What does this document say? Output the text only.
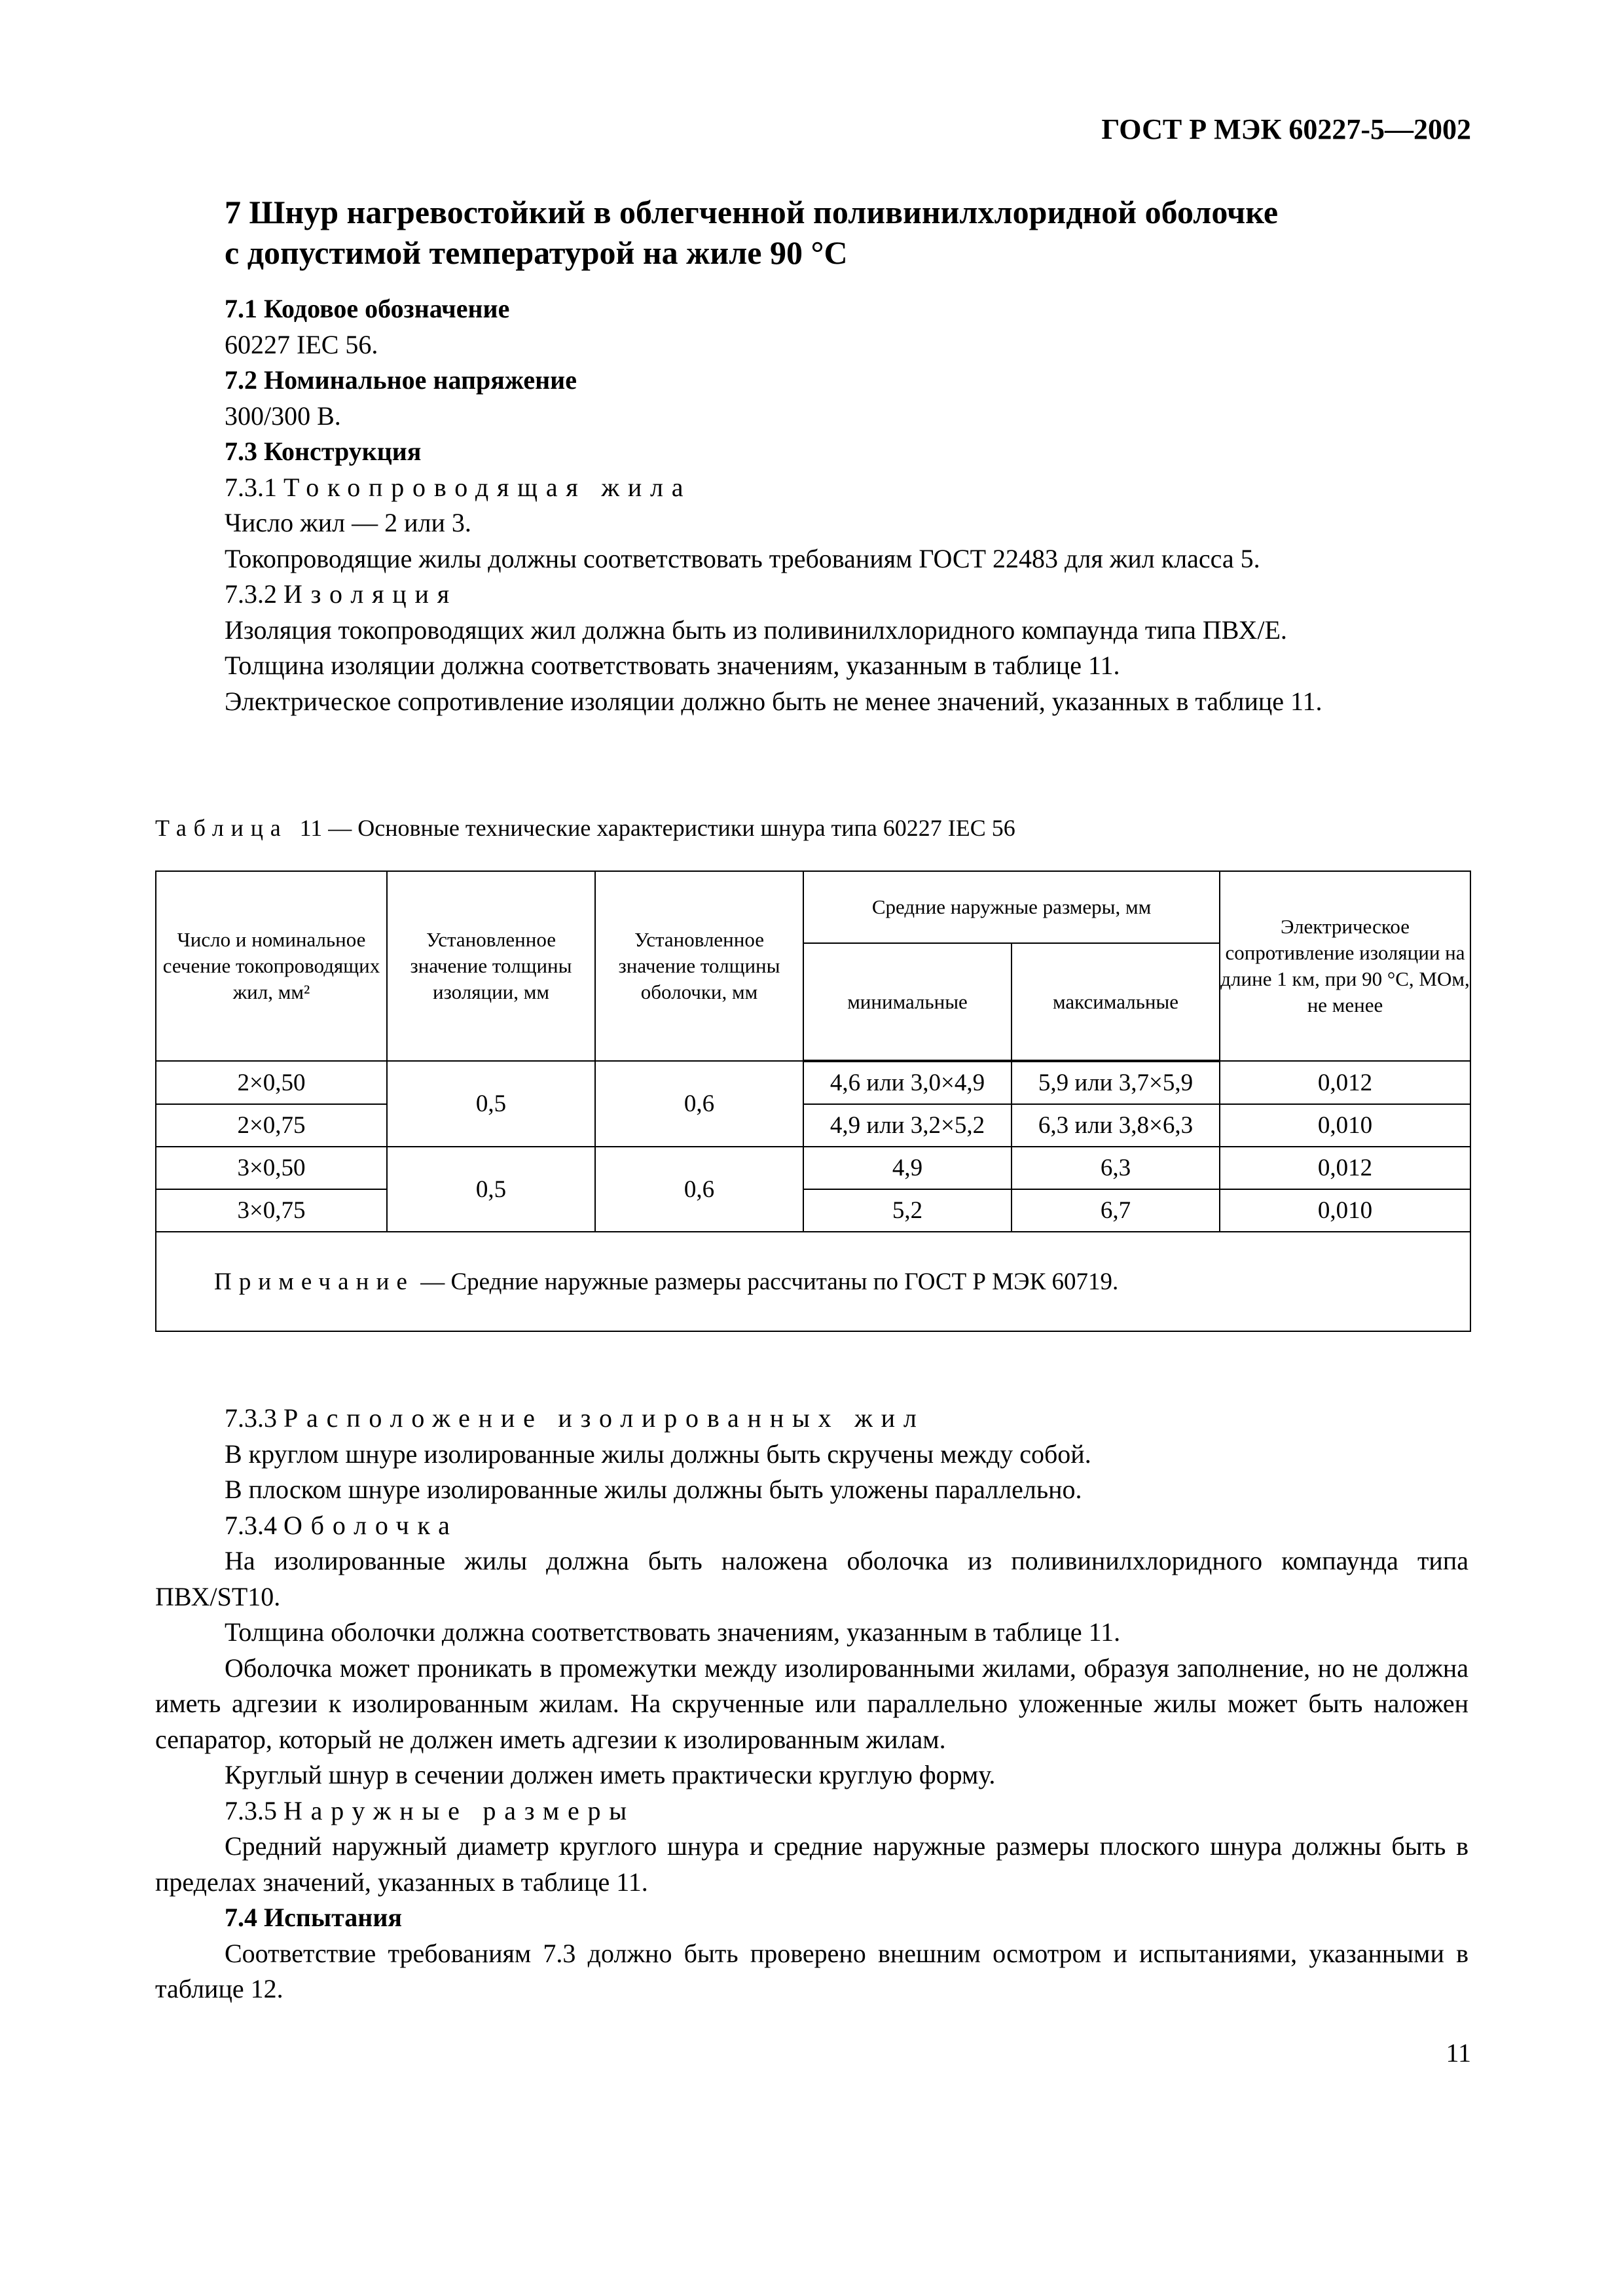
ГОСТ Р МЭК 60227-5—2002
7 Шнур нагревостойкий в облегченной поливинилхлоридной оболочке
с допустимой температурой на жиле 90 °С

7.1 Кодовое обозначение

60227 IEC 56.

7.2 Номинальное напряжение

300/300 В.

7.3 Конструкция

7.3.1 Токопроводящая жила

Число жил — 2 или 3.

Токопроводящие жилы должны соответствовать требованиям ГОСТ 22483 для жил класса 5.

7.3.2 Изоляция

Изоляция токопроводящих жил должна быть из поливинилхлоридного компаунда типа ПВХ/Е.

Толщина изоляции должна соответствовать значениям, указанным в таблице 11.

Электрическое сопротивление изоляции должно быть не менее значений, указанных в таблице 11.

Таблица 11 — Основные технические характеристики шнура типа 60227 IEC 56
Число и номинальное сечение токопроводящих жил, мм²	Установленное значение толщины изоляции, мм	Установленное значение толщины оболочки, мм	Средние наружные размеры, мм		Электрическое сопротивление изоляции на длине 1 км, при 90 °С, МОм, не менее
			минимальные	максимальные	
2×0,50	0,5	0,6	4,6 или 3,0×4,9	5,9 или 3,7×5,9	0,012
2×0,75			4,9 или 3,2×5,2	6,3 или 3,8×6,3	0,010
3×0,50	0,5	0,6	4,9	6,3	0,012
3×0,75			5,2	6,7	0,010
Примечание — Средние наружные размеры рассчитаны по ГОСТ Р МЭК 60719.					

7.3.3 Расположение изолированных жил

В круглом шнуре изолированные жилы должны быть скручены между собой.

В плоском шнуре изолированные жилы должны быть уложены параллельно.

7.3.4 Оболочка

На изолированные жилы должна быть наложена оболочка из поливинилхлоридного компаунда типа ПВХ/ST10.

Толщина оболочки должна соответствовать значениям, указанным в таблице 11.

Оболочка может проникать в промежутки между изолированными жилами, образуя заполнение, но не должна иметь адгезии к изолированным жилам. На скрученные или параллельно уложенные жилы может быть наложен сепаратор, который не должен иметь адгезии к изолированным жилам.

Круглый шнур в сечении должен иметь практически круглую форму.

7.3.5 Наружные размеры

Средний наружный диаметр круглого шнура и средние наружные размеры плоского шнура должны быть в пределах значений, указанных в таблице 11.

7.4 Испытания

Соответствие требованиям 7.3 должно быть проверено внешним осмотром и испытаниями, указанными в таблице 12.

11
